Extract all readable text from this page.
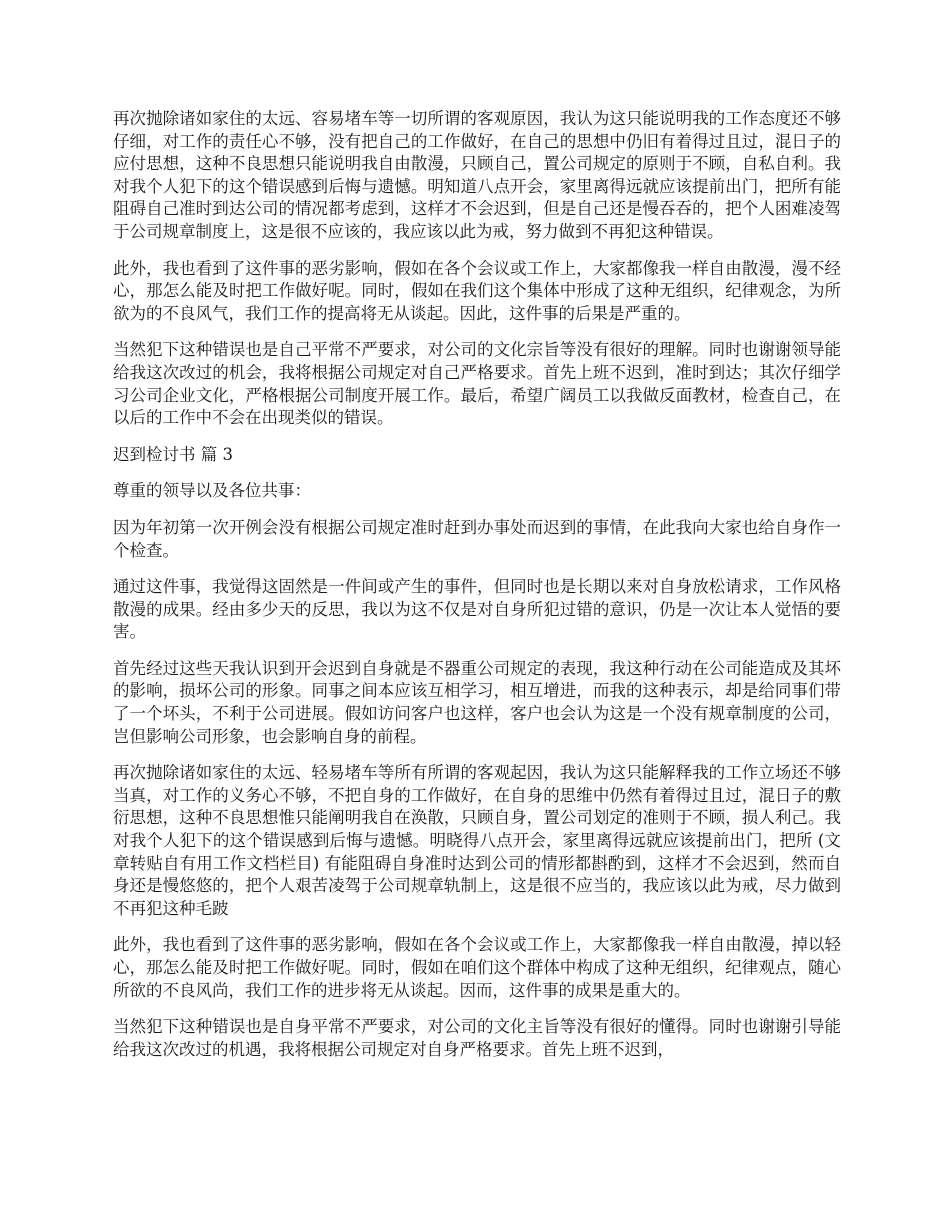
再次抛除诸如家住的太远、容易堵车等一切所谓的客观原因，我认为这只能说明我的工作态度还不够仔细，对工作的责任心不够，没有把自己的工作做好，在自己的思想中仍旧有着得过且过，混日子的应付思想，这种不良思想只能说明我自由散漫，只顾自己，置公司规定的原则于不顾，自私自利。我对我个人犯下的这个错误感到后悔与遗憾。明知道八点开会，家里离得远就应该提前出门，把所有能阻碍自己准时到达公司的情况都考虑到，这样才不会迟到，但是自己还是慢吞吞的，把个人困难凌驾于公司规章制度上，这是很不应该的，我应该以此为戒，努力做到不再犯这种错误。

此外，我也看到了这件事的恶劣影响，假如在各个会议或工作上，大家都像我一样自由散漫，漫不经心，那怎么能及时把工作做好呢。同时，假如在我们这个集体中形成了这种无组织，纪律观念，为所欲为的不良风气，我们工作的提高将无从谈起。因此，这件事的后果是严重的。

当然犯下这种错误也是自己平常不严要求，对公司的文化宗旨等没有很好的理解。同时也谢谢领导能给我这次改过的机会，我将根据公司规定对自己严格要求。首先上班不迟到，准时到达；其次仔细学习公司企业文化，严格根据公司制度开展工作。最后，希望广阔员工以我做反面教材，检查自己，在以后的工作中不会在出现类似的错误。

迟到检讨书 篇 3

尊重的领导以及各位共事：

因为年初第一次开例会没有根据公司规定准时赶到办事处而迟到的事情，在此我向大家也给自身作一个检查。

通过这件事，我觉得这固然是一件间或产生的事件，但同时也是长期以来对自身放松请求，工作风格散漫的成果。经由多少天的反思，我以为这不仅是对自身所犯过错的意识，仍是一次让本人觉悟的要害。

首先经过这些天我认识到开会迟到自身就是不器重公司规定的表现，我这种行动在公司能造成及其坏的影响，损坏公司的形象。同事之间本应该互相学习，相互增进，而我的这种表示，却是给同事们带了一个坏头，不利于公司进展。假如访问客户也这样，客户也会认为这是一个没有规章制度的公司，岂但影响公司形象，也会影响自身的前程。

再次抛除诸如家住的太远、轻易堵车等所有所谓的客观起因，我认为这只能解释我的工作立场还不够当真，对工作的义务心不够，不把自身的工作做好，在自身的思维中仍然有着得过且过，混日子的敷衍思想，这种不良思想惟只能阐明我自在涣散，只顾自身，置公司划定的准则于不顾，损人利己。我对我个人犯下的这个错误感到后悔与遗憾。明晓得八点开会，家里离得远就应该提前出门，把所 (文章转贴自有用工作文档栏目) 有能阻碍自身准时达到公司的情形都斟酌到，这样才不会迟到，然而自身还是慢悠悠的，把个人艰苦凌驾于公司规章轨制上，这是很不应当的，我应该以此为戒，尽力做到不再犯这种毛跛

此外，我也看到了这件事的恶劣影响，假如在各个会议或工作上，大家都像我一样自由散漫，掉以轻心，那怎么能及时把工作做好呢。同时，假如在咱们这个群体中构成了这种无组织，纪律观点，随心所欲的不良风尚，我们工作的进步将无从谈起。因而，这件事的成果是重大的。

当然犯下这种错误也是自身平常不严要求，对公司的文化主旨等没有很好的懂得。同时也谢谢引导能给我这次改过的机遇，我将根据公司规定对自身严格要求。首先上班不迟到，
